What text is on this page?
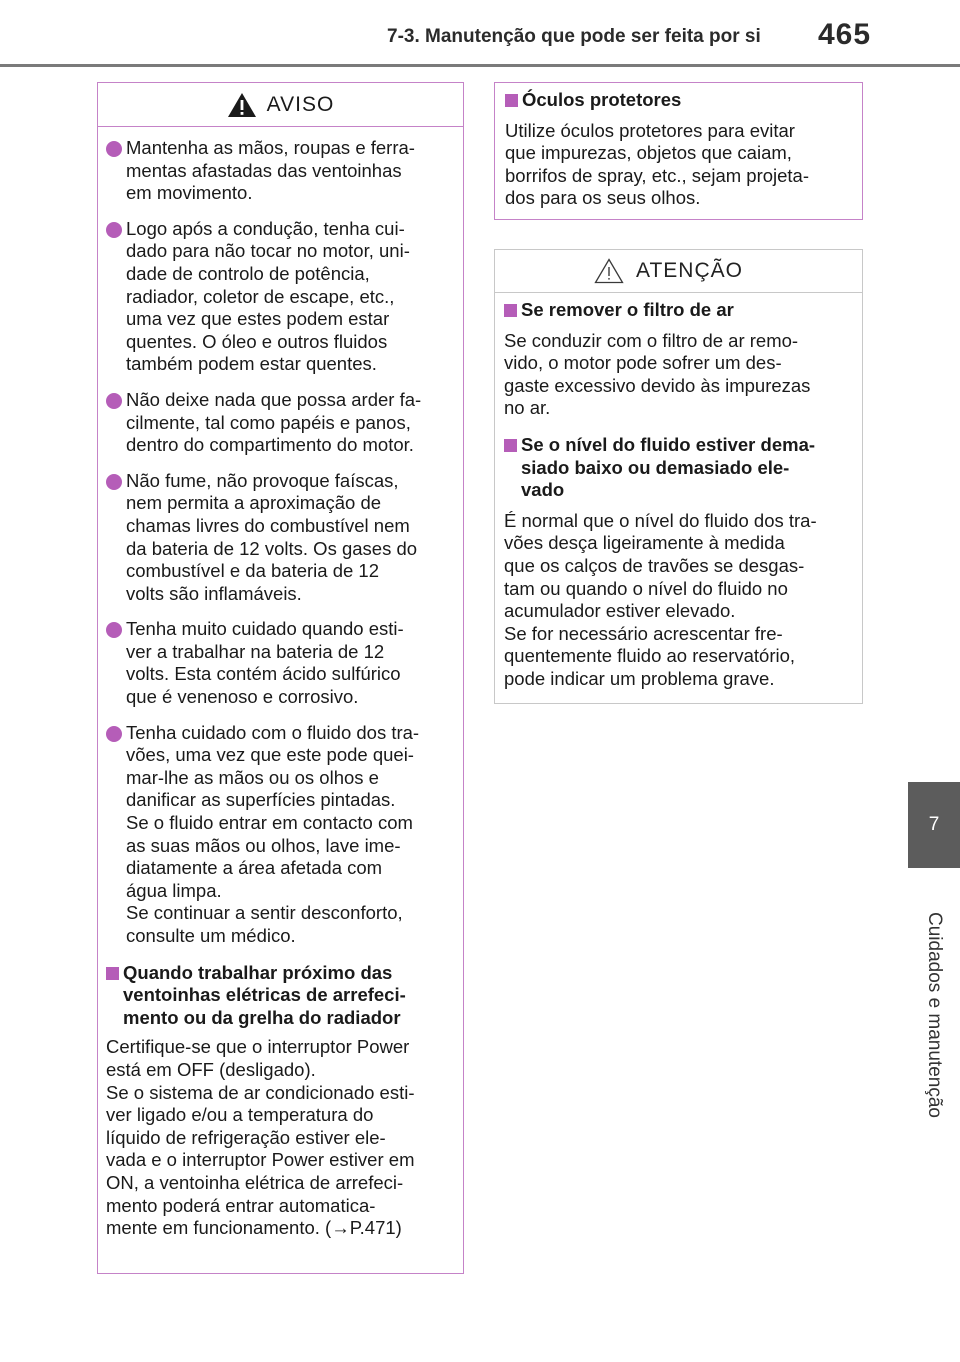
7-3. Manutenção que pode ser feita por si 465
7
Cuidados e manutenção
AVISO
Mantenha as mãos, roupas e ferra-
mentas afastadas das ventoinhas
em movimento.
Logo após a condução, tenha cui-
dado para não tocar no motor, uni-
dade de controlo de potência,
radiador, coletor de escape, etc.,
uma vez que estes podem estar
quentes. O óleo e outros fluidos
também podem estar quentes.
Não deixe nada que possa arder fa-
cilmente, tal como papéis e panos,
dentro do compartimento do motor.
Não fume, não provoque faíscas,
nem permita a aproximação de
chamas livres do combustível nem
da bateria de 12 volts. Os gases do
combustível e da bateria de 12
volts são inflamáveis.
Tenha muito cuidado quando esti-
ver a trabalhar na bateria de 12
volts. Esta contém ácido sulfúrico
que é venenoso e corrosivo.
Tenha cuidado com o fluido dos tra-
vões, uma vez que este pode quei-
mar-lhe as mãos ou os olhos e
danificar as superfícies pintadas.
Se o fluido entrar em contacto com
as suas mãos ou olhos, lave ime-
diatamente a área afetada com
água limpa.
Se continuar a sentir desconforto,
consulte um médico.
Quando trabalhar próximo das
ventoinhas elétricas de arrefeci-
mento ou da grelha do radiador
Certifique-se que o interruptor Power
está em OFF (desligado).
Se o sistema de ar condicionado esti-
ver ligado e/ou a temperatura do
líquido de refrigeração estiver ele-
vada e o interruptor Power estiver em
ON, a ventoinha elétrica de arrefeci-
mento poderá entrar automatica-
mente em funcionamento. (→P.471)
Óculos protetores
Utilize óculos protetores para evitar
que impurezas, objetos que caiam,
borrifos de spray, etc., sejam projeta-
dos para os seus olhos.
ATENÇÃO
Se remover o filtro de ar
Se conduzir com o filtro de ar remo-
vido, o motor pode sofrer um des-
gaste excessivo devido às impurezas
no ar.
Se o nível do fluido estiver dema-
siado baixo ou demasiado ele-
vado
É normal que o nível do fluido dos tra-
vões desça ligeiramente à medida
que os calços de travões se desgas-
tam ou quando o nível do fluido no
acumulador estiver elevado.
Se for necessário acrescentar fre-
quentemente fluido ao reservatório,
pode indicar um problema grave.
